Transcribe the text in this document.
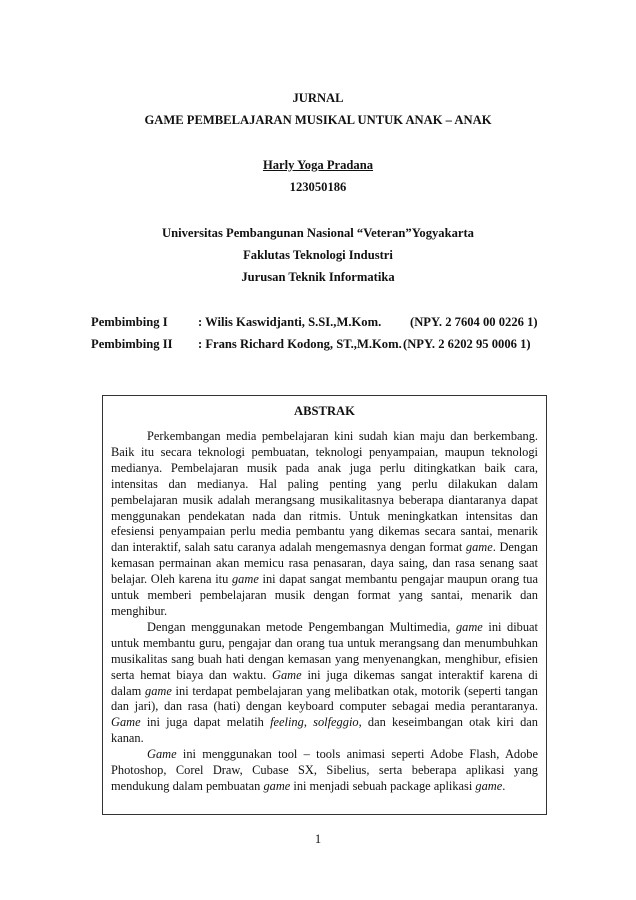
JURNAL
GAME PEMBELAJARAN MUSIKAL UNTUK ANAK – ANAK
Harly Yoga Pradana
123050186
Universitas Pembangunan Nasional “Veteran”Yogyakarta
Faklutas Teknologi Industri
Jurusan Teknik Informatika
Pembimbing I : Wilis Kaswidjanti, S.SI.,M.Kom. (NPY. 2 7604 00 0226 1)
Pembimbing II : Frans Richard Kodong, ST.,M.Kom. (NPY. 2 6202 95 0006 1)
ABSTRAK

Perkembangan media pembelajaran kini sudah kian maju dan berkembang. Baik itu secara teknologi pembuatan, teknologi penyampaian, maupun teknologi medianya. Pembelajaran musik pada anak juga perlu ditingkatkan baik cara, intensitas dan medianya. Hal paling penting yang perlu dilakukan dalam pembelajaran musik adalah merangsang musikalitasnya beberapa diantaranya dapat menggunakan pendekatan nada dan ritmis. Untuk meningkatkan intensitas dan efesiensi penyampaian perlu media pembantu yang dikemas secara santai, menarik dan interaktif, salah satu caranya adalah mengemasnya dengan format game. Dengan kemasan permainan akan memicu rasa penasaran, daya saing, dan rasa senang saat belajar. Oleh karena itu game ini dapat sangat membantu pengajar maupun orang tua untuk memberi pembelajaran musik dengan format yang santai, menarik dan menghibur.

Dengan menggunakan metode Pengembangan Multimedia, game ini dibuat untuk membantu guru, pengajar dan orang tua untuk merangsang dan menumbuhkan musikalitas sang buah hati dengan kemasan yang menyenangkan, menghibur, efisien serta hemat biaya dan waktu. Game ini juga dikemas sangat interaktif karena di dalam game ini terdapat pembelajaran yang melibatkan otak, motorik (seperti tangan dan jari), dan rasa (hati) dengan keyboard computer sebagai media perantaranya. Game ini juga dapat melatih feeling, solfeggio, dan keseimbangan otak kiri dan kanan.

Game ini menggunakan tool – tools animasi seperti Adobe Flash, Adobe Photoshop, Corel Draw, Cubase SX, Sibelius, serta beberapa aplikasi yang mendukung dalam pembuatan game ini menjadi sebuah package aplikasi game.

1
